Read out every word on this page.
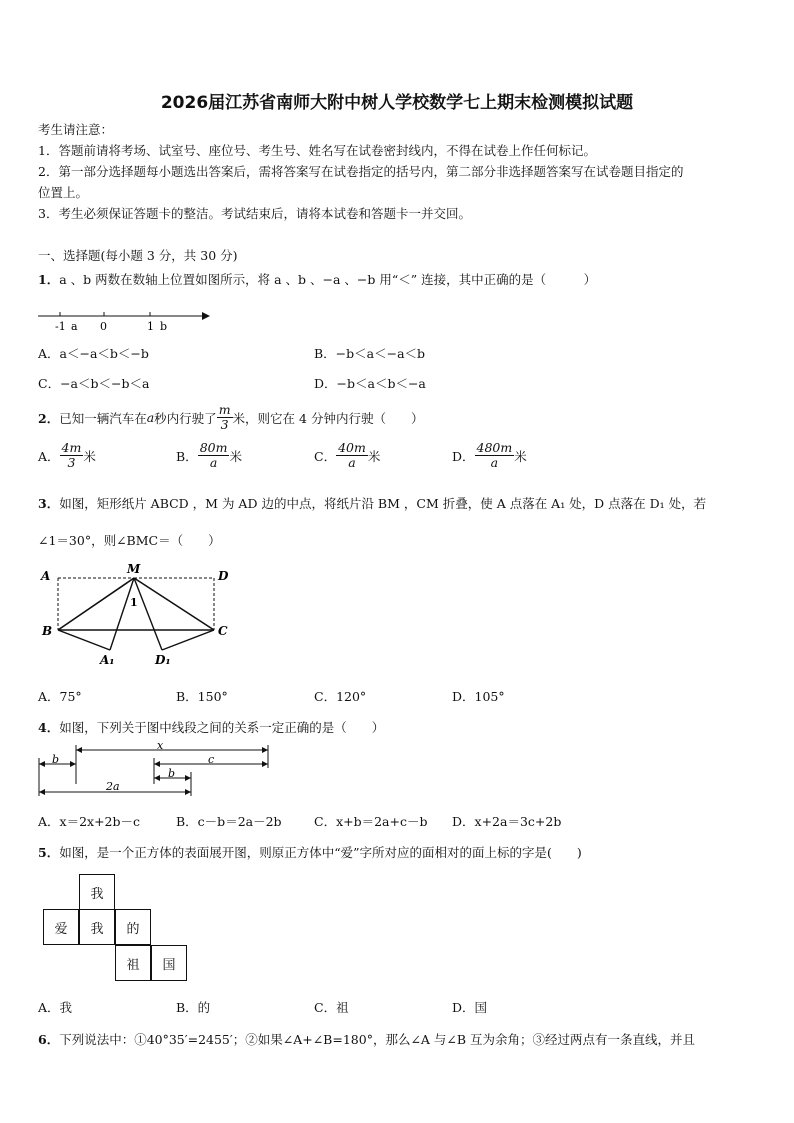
2026届江苏省南师大附中树人学校数学七上期末检测模拟试题
考生请注意：
1．答题前请将考场、试室号、座位号、考生号、姓名写在试卷密封线内，不得在试卷上作任何标记。
2．第一部分选择题每小题选出答案后，需将答案写在试卷指定的括号内，第二部分非选择题答案写在试卷题目指定的
位置上。
3．考生必须保证答题卡的整洁。考试结束后，请将本试卷和答题卡一并交回。
一、选择题(每小题 3 分，共 30 分)
1．a 、b 两数在数轴上位置如图所示，将 a 、b 、−a 、−b 用“＜” 连接，其中正确的是（　　　）
-1 a 0	1 b
A．a＜−a＜b＜−b	B．−b＜a＜−a＜b
C．−a＜b＜−b＜a	D．−b＜a＜b＜−a
2． 已知一辆汽车在 a 秒内行驶了 $\frac{m}{3}$ 米，则它在 4 分钟内行驶（　　）
A． $\frac{4m}{3}$ 米	B． $\frac{80m}{a}$ 米	C． $\frac{40m}{a}$ 米	D． $\frac{480m}{a}$ 米
3．如图，矩形纸片 ABCD ，M 为 AD 边的中点，将纸片沿 BM ，CM 折叠，使 A 点落在 A₁ 处，D 点落在 D₁ 处，若
∠1＝30°，则∠BMC＝（　　）
A	M	D
1
B	C
A₁	D₁
A．75°	B．150°	C．120°	D．105°
4．如图，下列关于图中线段之间的关系一定正确的是（　　）
x
b	c
b
2a
A．x＝2x+2b－c	B．c－b＝2a－2b	C．x+b＝2a+c－b D．x+2a＝3c+2b
5．如图，是一个正方体的表面展开图，则原正方体中“爱”字所对应的面相对的面上标的字是(　　)
我
爱	我	的
祖	国
A．我	B．的	C．祖	D．国
6．下列说法中：①40°35′=2455′；②如果∠A+∠B=180°，那么∠A 与∠B 互为余角；③经过两点有一条直线，并且
